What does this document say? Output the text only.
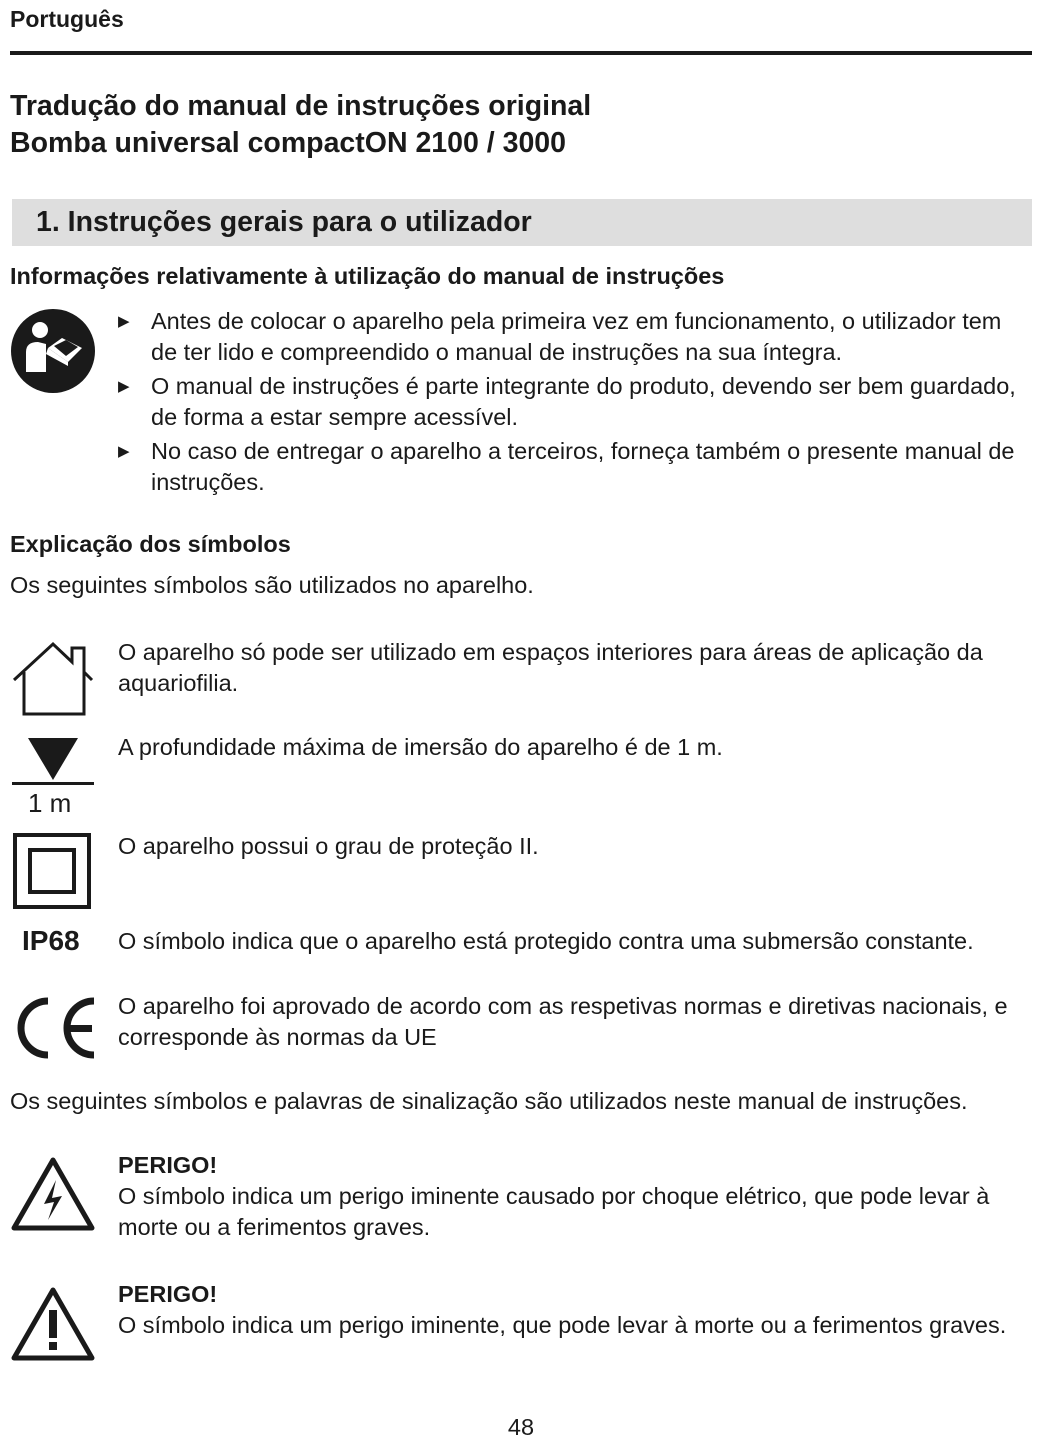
Português
Tradução do manual de instruções original
Bomba universal compactON 2100 / 3000
1. Instruções gerais para o utilizador
Informações relativamente à utilização do manual de instruções
▶ Antes de colocar o aparelho pela primeira vez em funcionamento, o utilizador tem de ter lido e compreendido o manual de instruções na sua íntegra.
▶ O manual de instruções é parte integrante do produto, devendo ser bem guardado, de forma a estar sempre acessível.
▶ No caso de entregar o aparelho a terceiros, forneça também o presente manual de instruções.
Explicação dos símbolos
Os seguintes símbolos são utilizados no aparelho.
O aparelho só pode ser utilizado em espaços interiores para áreas de aplicação da aquariofilia.
1 m
A profundidade máxima de imersão do aparelho é de 1 m.
O aparelho possui o grau de proteção II.
IP68 O símbolo indica que o aparelho está protegido contra uma submersão constante.
O aparelho foi aprovado de acordo com as respetivas normas e diretivas nacionais, e corresponde às normas da UE
Os seguintes símbolos e palavras de sinalização são utilizados neste manual de instruções.
PERIGO!
O símbolo indica um perigo iminente causado por choque elétrico, que pode levar à morte ou a ferimentos graves.
PERIGO!
O símbolo indica um perigo iminente, que pode levar à morte ou a ferimentos graves.
48
